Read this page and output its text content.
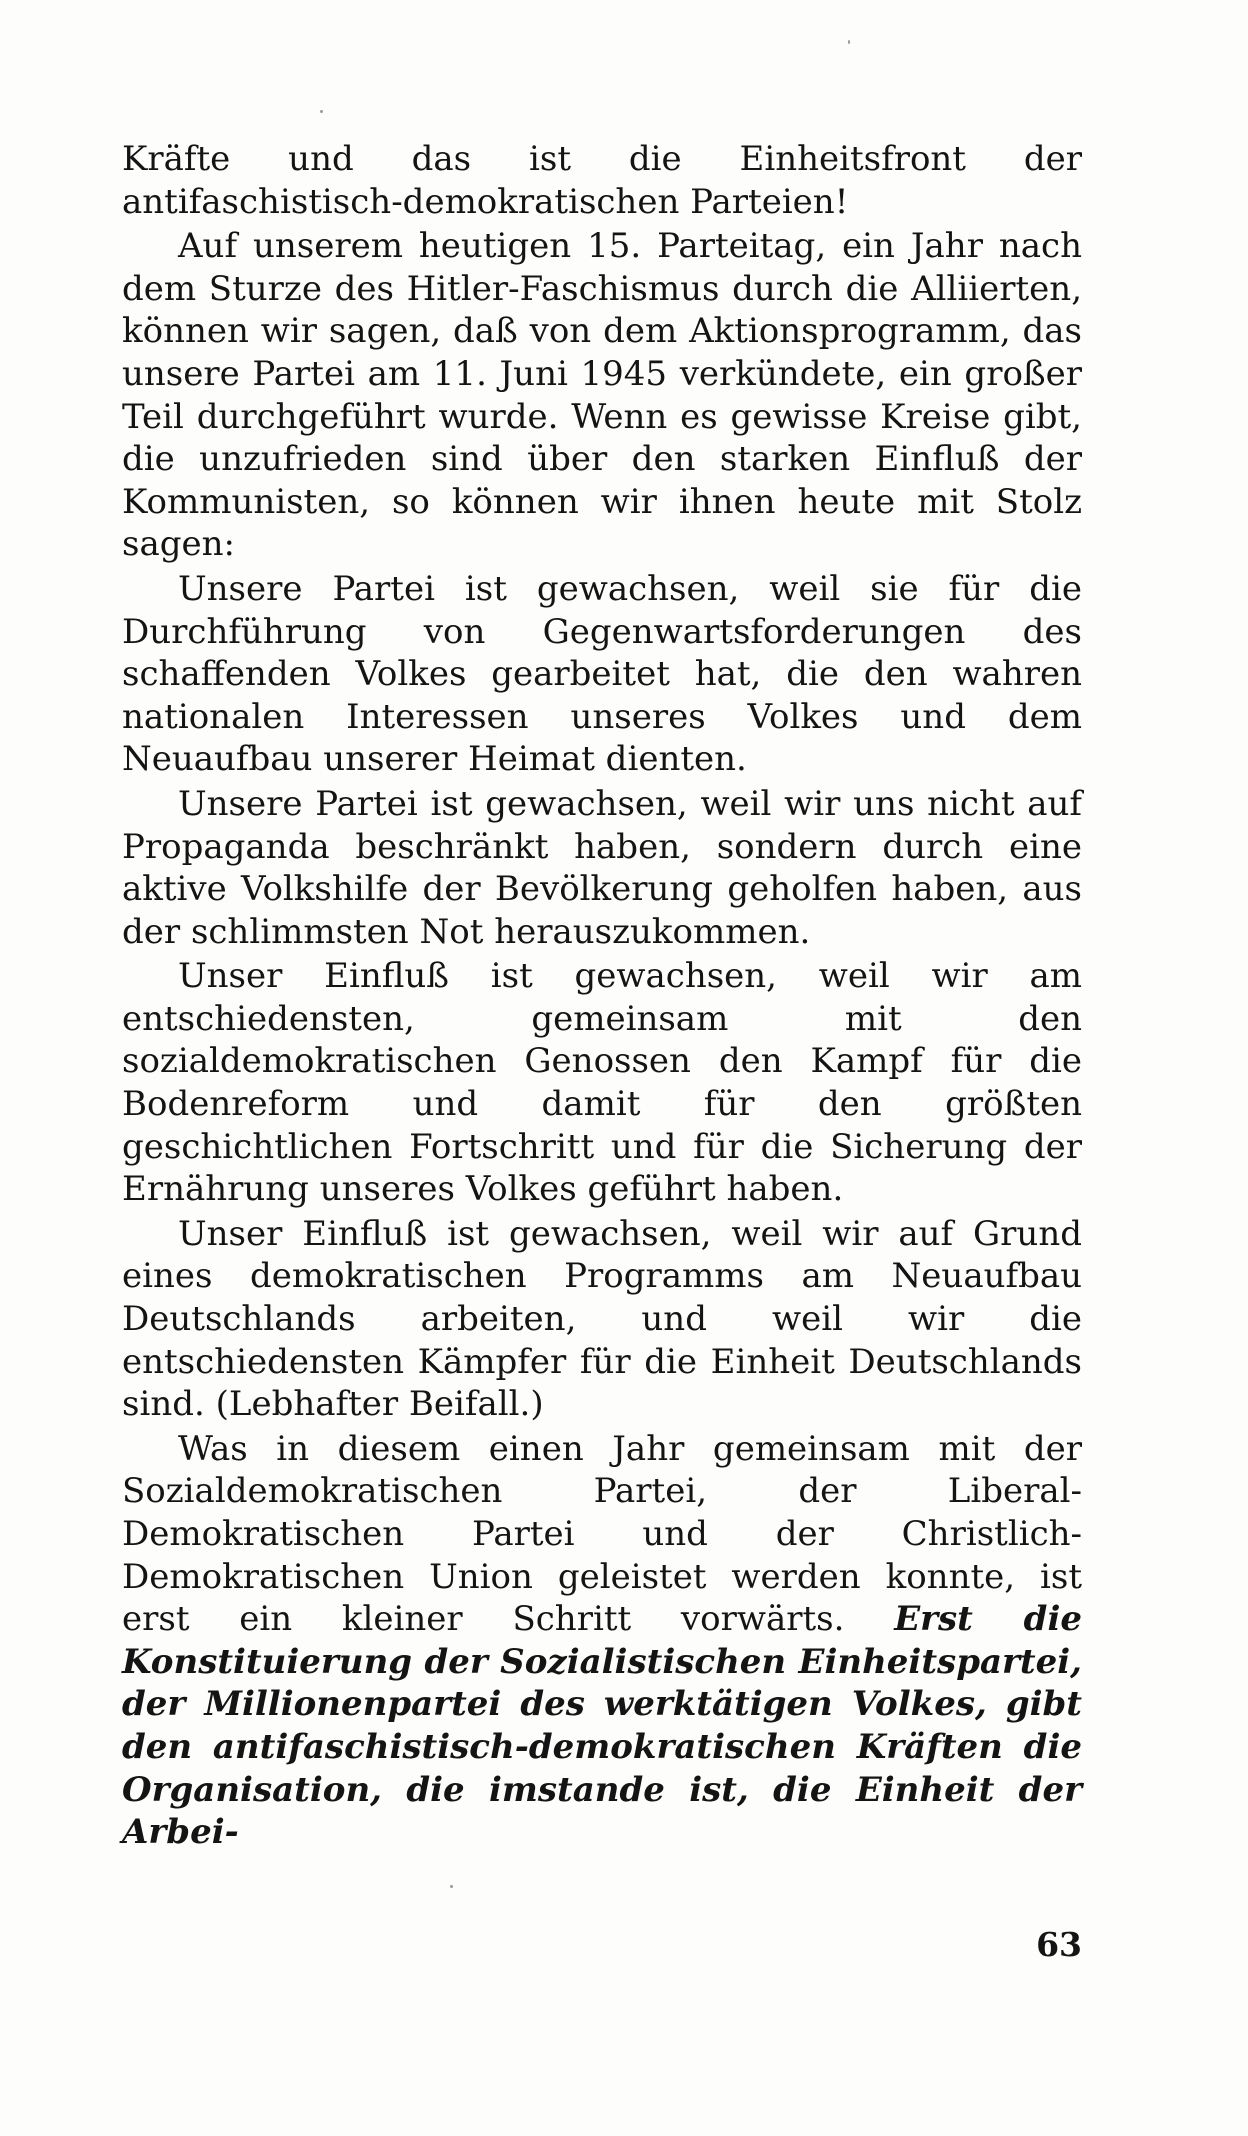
Kräfte und das ist die Einheitsfront der antifaschistisch-demokratischen Parteien!

Auf unserem heutigen 15. Parteitag, ein Jahr nach dem Sturze des Hitler-Faschismus durch die Alliierten, können wir sagen, daß von dem Aktionsprogramm, das unsere Partei am 11. Juni 1945 verkündete, ein großer Teil durchgeführt wurde. Wenn es gewisse Kreise gibt, die unzufrieden sind über den starken Einfluß der Kommunisten, so können wir ihnen heute mit Stolz sagen:

Unsere Partei ist gewachsen, weil sie für die Durchführung von Gegenwartsforderungen des schaffenden Volkes gearbeitet hat, die den wahren nationalen Interessen unseres Volkes und dem Neuaufbau unserer Heimat dienten.

Unsere Partei ist gewachsen, weil wir uns nicht auf Propaganda beschränkt haben, sondern durch eine aktive Volkshilfe der Bevölkerung geholfen haben, aus der schlimmsten Not herauszukommen.

Unser Einfluß ist gewachsen, weil wir am entschiedensten, gemeinsam mit den sozialdemokratischen Genossen den Kampf für die Bodenreform und damit für den größten geschichtlichen Fortschritt und für die Sicherung der Ernährung unseres Volkes geführt haben.

Unser Einfluß ist gewachsen, weil wir auf Grund eines demokratischen Programms am Neuaufbau Deutschlands arbeiten, und weil wir die entschiedensten Kämpfer für die Einheit Deutschlands sind. (Lebhafter Beifall.)

Was in diesem einen Jahr gemeinsam mit der Sozialdemokratischen Partei, der Liberal-Demokratischen Partei und der Christlich-Demokratischen Union geleistet werden konnte, ist erst ein kleiner Schritt vorwärts. Erst die Konstituierung der Sozialistischen Einheitspartei, der Millionenpartei des werktätigen Volkes, gibt den antifaschistisch-demokratischen Kräften die Organisation, die imstande ist, die Einheit der Arbei-

63
